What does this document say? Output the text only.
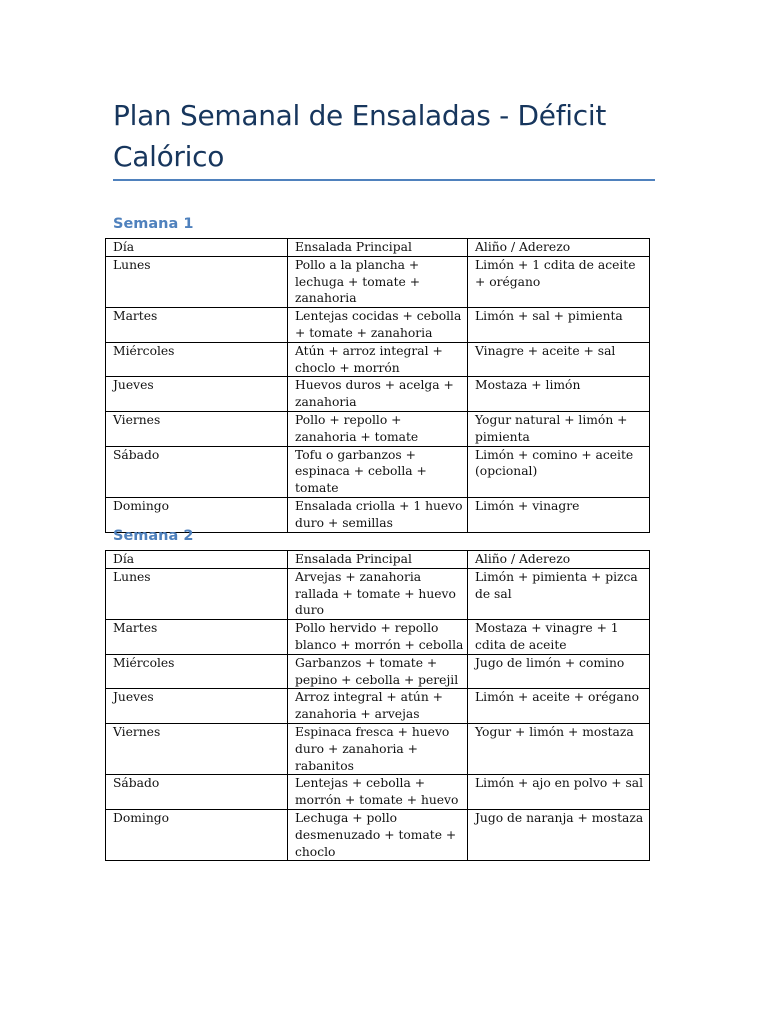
Plan Semanal de Ensaladas - Déficit Calórico
Semana 1
Día	Ensalada Principal	Aliño / Aderezo
Lunes	Pollo a la plancha + lechuga + tomate + zanahoria	Limón + 1 cdita de aceite + orégano
Martes	Lentejas cocidas + cebolla + tomate + zanahoria	Limón + sal + pimienta
Miércoles	Atún + arroz integral + choclo + morrón	Vinagre + aceite + sal
Jueves	Huevos duros + acelga + zanahoria	Mostaza + limón
Viernes	Pollo + repollo + zanahoria + tomate	Yogur natural + limón + pimienta
Sábado	Tofu o garbanzos + espinaca + cebolla + tomate	Limón + comino + aceite (opcional)
Domingo	Ensalada criolla + 1 huevo duro + semillas	Limón + vinagre
Semana 2
Día	Ensalada Principal	Aliño / Aderezo
Lunes	Arvejas + zanahoria rallada + tomate + huevo duro	Limón + pimienta + pizca de sal
Martes	Pollo hervido + repollo blanco + morrón + cebolla	Mostaza + vinagre + 1 cdita de aceite
Miércoles	Garbanzos + tomate + pepino + cebolla + perejil	Jugo de limón + comino
Jueves	Arroz integral + atún + zanahoria + arvejas	Limón + aceite + orégano
Viernes	Espinaca fresca + huevo duro + zanahoria + rabanitos	Yogur + limón + mostaza
Sábado	Lentejas + cebolla + morrón + tomate + huevo	Limón + ajo en polvo + sal
Domingo	Lechuga + pollo desmenuzado + tomate + choclo	Jugo de naranja + mostaza
